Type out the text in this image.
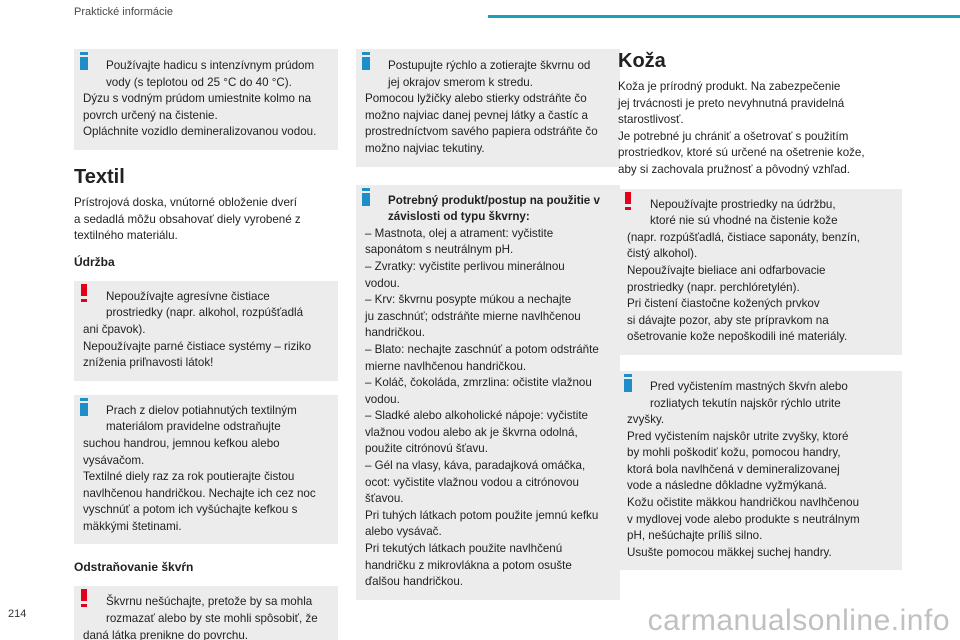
Praktické informácie

Používajte hadicu s intenzívnym prúdom

vody (s teplotou od 25 °C do 40 °C).

Dýzu s vodným prúdom umiestnite kolmo na

povrch určený na čistenie.

Opláchnite vozidlo demineralizovanou vodou.

Textil

Prístrojová doska, vnútorné obloženie dverí

a sedadlá môžu obsahovať diely vyrobené z

textilného materiálu.

Údržba

Nepoužívajte agresívne čistiace

prostriedky (napr. alkohol, rozpúšťadlá

ani čpavok).

Nepoužívajte parné čistiace systémy – riziko

zníženia priľnavosti látok!

Prach z dielov potiahnutých textilným

materiálom pravidelne odstraňujte

suchou handrou, jemnou kefkou alebo

vysávačom.

Textilné diely raz za rok poutierajte čistou

navlhčenou handričkou. Nechajte ich cez noc

vyschnúť a potom ich vyšúchajte kefkou s

mäkkými štetinami.

Odstraňovanie škvŕn

Škvrnu nešúchajte, pretože by sa mohla

rozmazať alebo by ste mohli spôsobiť, že

daná látka prenikne do povrchu.

Postupujte rýchlo a zotierajte škvrnu od

jej okrajov smerom k stredu.

Pomocou lyžičky alebo stierky odstráňte čo

možno najviac danej pevnej látky a častíc a

prostredníctvom savého papiera odstráňte čo

možno najviac tekutiny.

Potrebný produkt/postup na použitie v

závislosti od typu škvrny:

– Mastnota, olej a atrament: vyčistite

saponátom s neutrálnym pH.

– Zvratky: vyčistite perlivou minerálnou

vodou.

– Krv: škvrnu posypte múkou a nechajte

ju zaschnúť; odstráňte mierne navlhčenou

handričkou.

– Blato: nechajte zaschnúť a potom odstráňte

mierne navlhčenou handričkou.

– Koláč, čokoláda, zmrzlina: očistite vlažnou

vodou.

– Sladké alebo alkoholické nápoje: vyčistite

vlažnou vodou alebo ak je škvrna odolná,

použite citrónovú šťavu.

– Gél na vlasy, káva, paradajková omáčka,

ocot: vyčistite vlažnou vodou a citrónovou

šťavou.

Pri tuhých látkach potom použite jemnú kefku

alebo vysávač.

Pri tekutých látkach použite navlhčenú

handričku z mikrovlákna a potom osušte

ďalšou handričkou.

Koža

Koža je prírodný produkt. Na zabezpečenie

jej trvácnosti je preto nevyhnutná pravidelná

starostlivosť.

Je potrebné ju chrániť a ošetrovať s použitím

prostriedkov, ktoré sú určené na ošetrenie kože,

aby si zachovala pružnosť a pôvodný vzhľad.

Nepoužívajte prostriedky na údržbu,

ktoré nie sú vhodné na čistenie kože

(napr. rozpúšťadlá, čistiace saponáty, benzín,

čistý alkohol).

Nepoužívajte bieliace ani odfarbovacie

prostriedky (napr. perchlóretylén).

Pri čistení čiastočne kožených prvkov

si dávajte pozor, aby ste prípravkom na

ošetrovanie kože nepoškodili iné materiály.

Pred vyčistením mastných škvŕn alebo

rozliatych tekutín najskôr rýchlo utrite

zvyšky.

Pred vyčistením najskôr utrite zvyšky, ktoré

by mohli poškodiť kožu, pomocou handry,

ktorá bola navlhčená v demineralizovanej

vode a následne dôkladne vyžmýkaná.

Kožu očistite mäkkou handričkou navlhčenou

v mydlovej vode alebo produkte s neutrálnym

pH, nešúchajte príliš silno.

Usušte pomocou mäkkej suchej handry.

214	carmanualsonline.info
